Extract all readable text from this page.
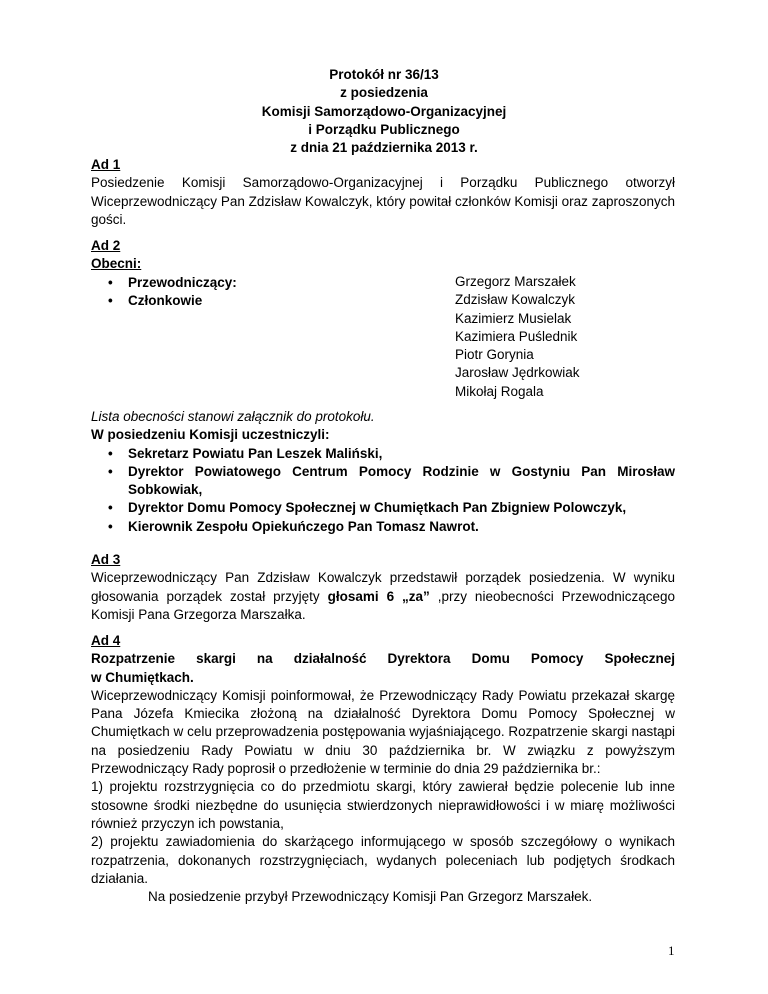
Protokół nr 36/13
z posiedzenia
Komisji Samorządowo-Organizacyjnej
i Porządku Publicznego
z dnia 21 października 2013 r.
Ad 1
Posiedzenie Komisji Samorządowo-Organizacyjnej i Porządku Publicznego otworzył Wiceprzewodniczący Pan Zdzisław Kowalczyk, który powitał członków Komisji oraz zaproszonych gości.
Ad 2
Obecni:
• Przewodniczący:
• Członkowie
Grzegorz Marszałek
Zdzisław Kowalczyk
Kazimierz Musielak
Kazimiera Puślednik
Piotr Gorynia
Jarosław Jędrkowiak
Mikołaj Rogala
Lista obecności stanowi załącznik do protokołu.
W posiedzeniu Komisji uczestniczyli:
• Sekretarz Powiatu Pan Leszek Maliński,
• Dyrektor Powiatowego Centrum Pomocy Rodzinie w Gostyniu Pan Mirosław Sobkowiak,
• Dyrektor Domu Pomocy Społecznej w Chumiętkach Pan Zbigniew Polowczyk,
• Kierownik Zespołu Opiekuńczego Pan Tomasz Nawrot.
Ad 3
Wiceprzewodniczący Pan Zdzisław Kowalczyk przedstawił porządek posiedzenia. W wyniku głosowania porządek został przyjęty głosami 6 „za” ,przy nieobecności Przewodniczącego Komisji Pana Grzegorza Marszałka.
Ad 4
Rozpatrzenie skargi na działalność Dyrektora Domu Pomocy Społecznej
w Chumiętkach.
Wiceprzewodniczący Komisji poinformował, że Przewodniczący Rady Powiatu przekazał skargę Pana Józefa Kmiecika złożoną na działalność Dyrektora Domu Pomocy Społecznej w Chumiętkach w celu przeprowadzenia postępowania wyjaśniającego. Rozpatrzenie skargi nastąpi na posiedzeniu Rady Powiatu w dniu 30 października br. W związku z powyższym Przewodniczący Rady poprosił o przedłożenie w terminie do dnia 29 października br.:
1) projektu rozstrzygnięcia co do przedmiotu skargi, który zawierał będzie polecenie lub inne stosowne środki niezbędne do usunięcia stwierdzonych nieprawidłowości i w miarę możliwości również przyczyn ich powstania,
2) projektu zawiadomienia do skarżącego informującego w sposób szczegółowy o wynikach rozpatrzenia, dokonanych rozstrzygnięciach, wydanych poleceniach lub podjętych środkach działania.
Na posiedzenie przybył Przewodniczący Komisji Pan Grzegorz Marszałek.
1
